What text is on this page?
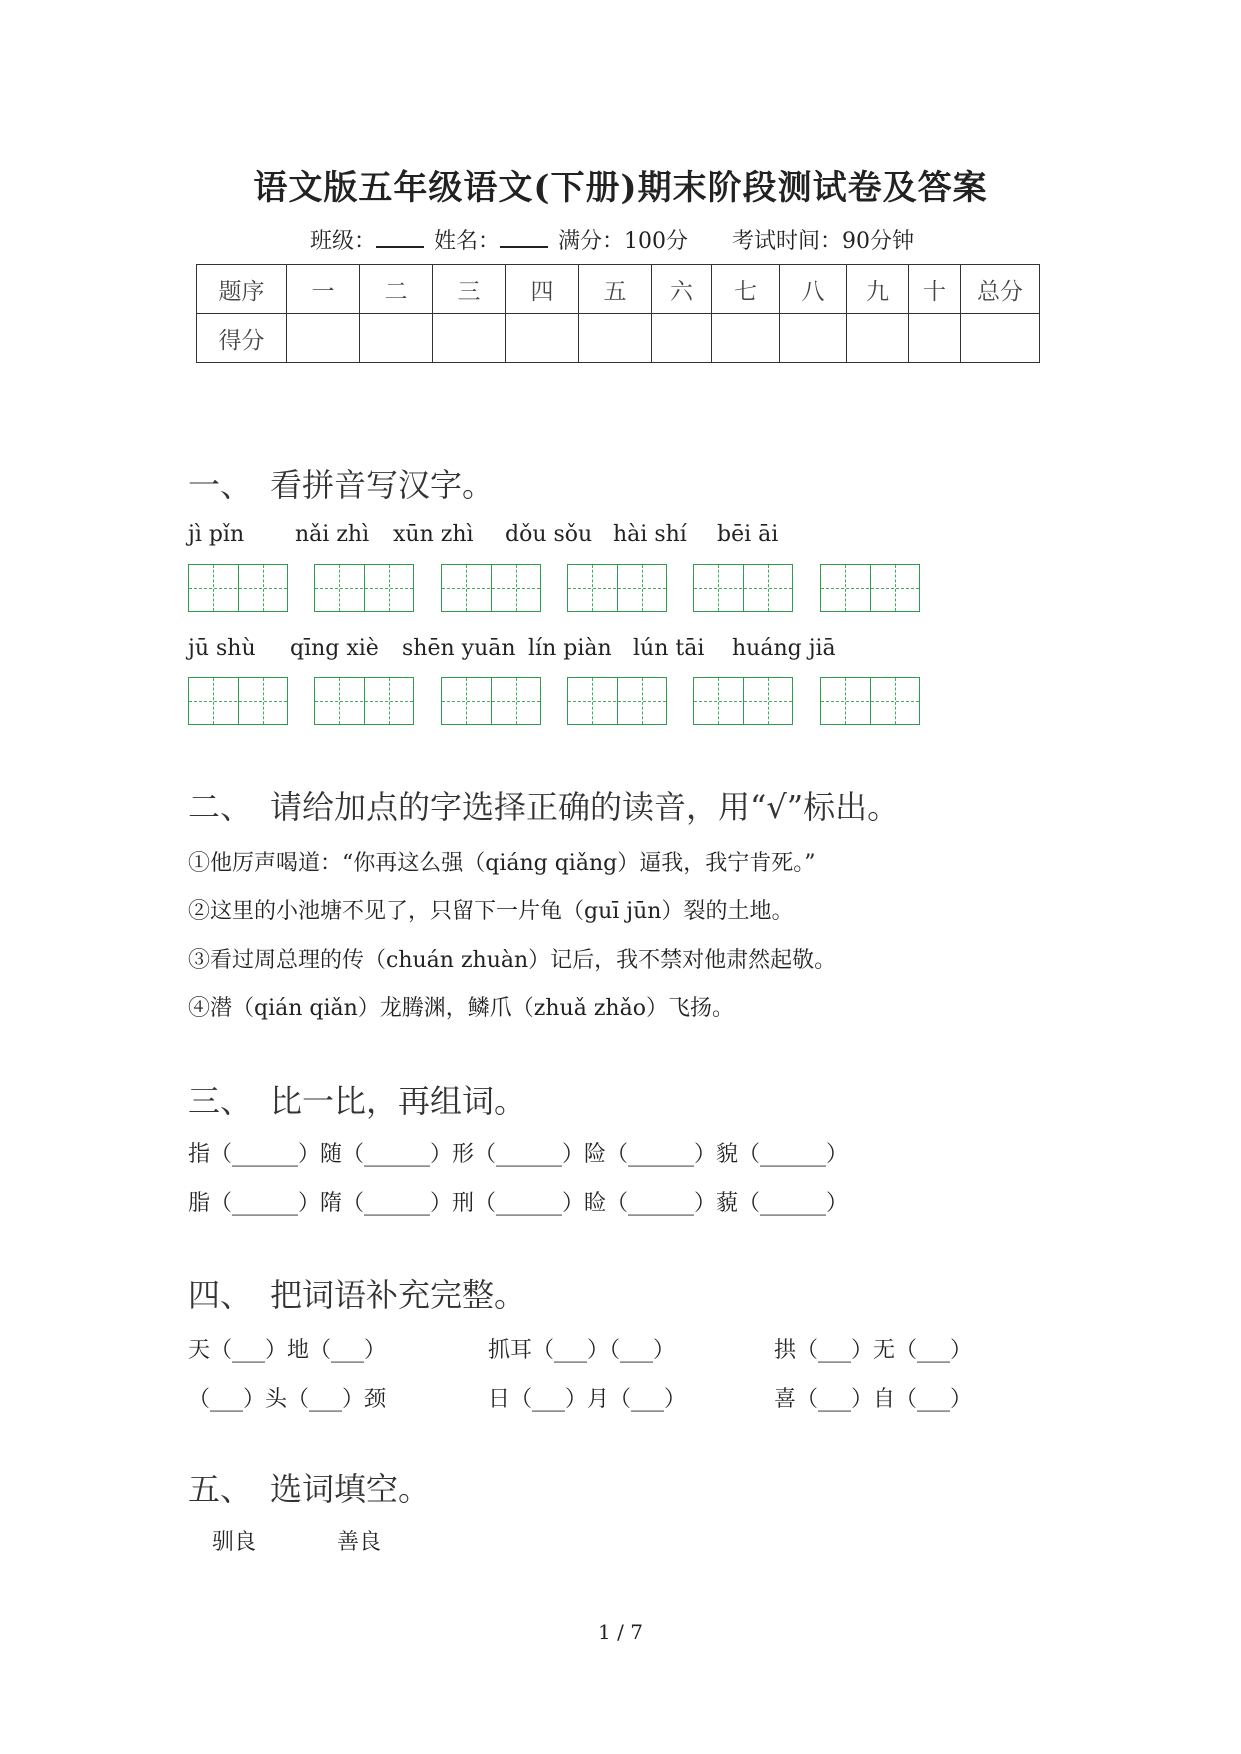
语文版五年级语文(下册)期末阶段测试卷及答案
班级：	姓名：	满分：100分 考试时间：90分钟
题序	一	二	三	四	五	六	七	八	九	十	总分
得分											
一、 看拼音写汉字。
jì pǐn nǎi zhì xūn zhì dǒu sǒu hài shí bēi āi
jū shù qīng xiè shēn yuān lín piàn lún tāi huáng jiā
二、 请给加点的字选择正确的读音，用“√”标出。
①他厉声喝道：“你再这么强（qiáng qiǎng）逼我，我宁肯死。”
②这里的小池塘不见了，只留下一片龟（guī jūn）裂的土地。
③看过周总理的传（chuán zhuàn）记后，我不禁对他肃然起敬。
④潜（qián qiǎn）龙腾渊，鳞爪（zhuǎ zhǎo）飞扬。
三、 比一比，再组词。
指（______）随（______）形（______）险（______）貌（______）
脂（______）隋（______）刑（______）睑（______）藐（______）
四、 把词语补充完整。
天（___）地（___）	抓耳（___）（___）	拱（___）无（___）
（___）头（___）颈	日（___）月（___）	喜（___）自（___）
五、 选词填空。
驯良	善良
1 / 7
